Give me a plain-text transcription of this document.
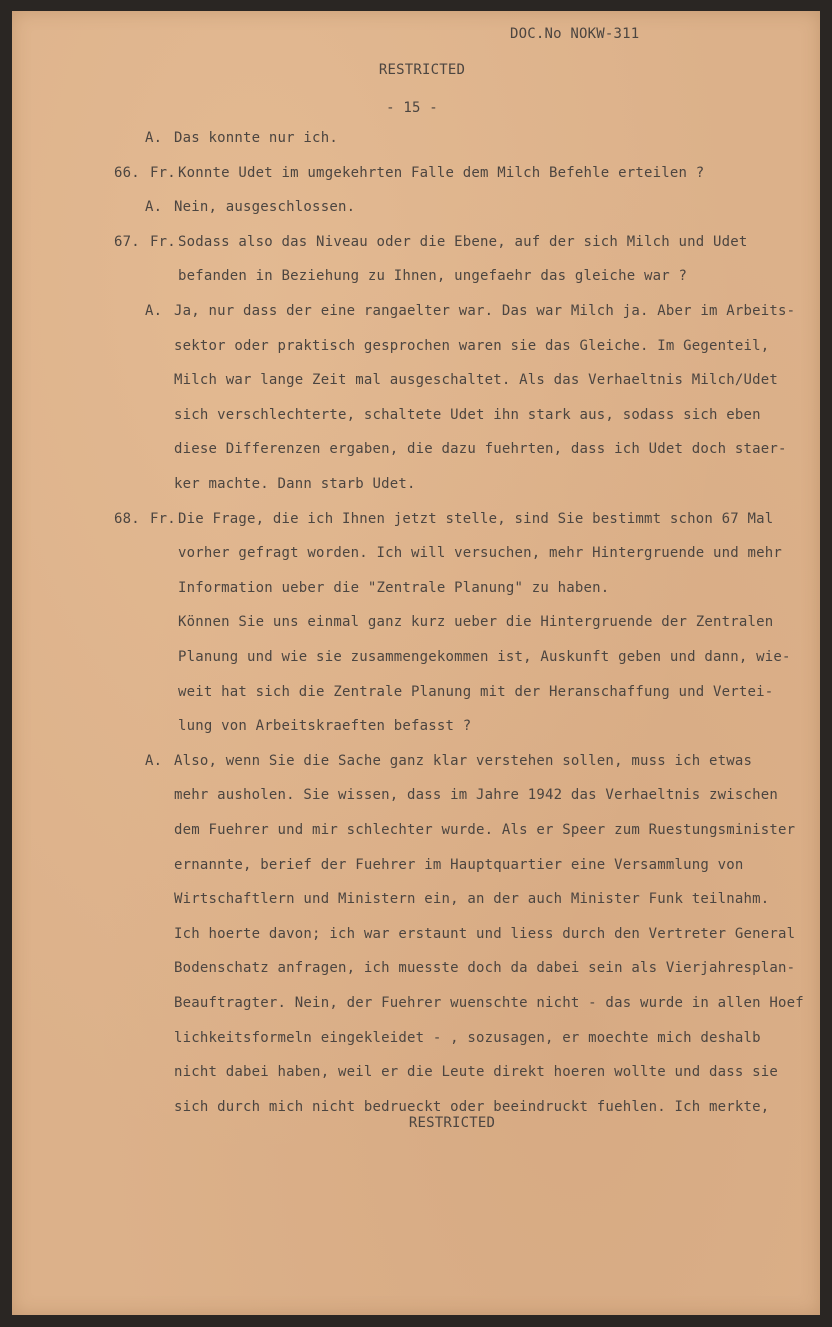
DOC.No NOKW-311
RESTRICTED
- 15 -
A. Das konnte nur ich.
66. Fr. Konnte Udet im umgekehrten Falle dem Milch Befehle erteilen ?
A. Nein, ausgeschlossen.
67. Fr. Sodass also das Niveau oder die Ebene, auf der sich Milch und Udet
befanden in Beziehung zu Ihnen, ungefaehr das gleiche war ?
A. Ja, nur dass der eine rangaelter war. Das war Milch ja. Aber im Arbeits-
sektor oder praktisch gesprochen waren sie das Gleiche. Im Gegenteil,
Milch war lange Zeit mal ausgeschaltet. Als das Verhaeltnis Milch/Udet
sich verschlechterte, schaltete Udet ihn stark aus, sodass sich eben
diese Differenzen ergaben, die dazu fuehrten, dass ich Udet doch staer-
ker machte. Dann starb Udet.
68. Fr. Die Frage, die ich Ihnen jetzt stelle, sind Sie bestimmt schon 67 Mal
vorher gefragt worden. Ich will versuchen, mehr Hintergruende und mehr
Information ueber die "Zentrale Planung" zu haben.
Können Sie uns einmal ganz kurz ueber die Hintergruende der Zentralen
Planung und wie sie zusammengekommen ist, Auskunft geben und dann, wie-
weit hat sich die Zentrale Planung mit der Heranschaffung und Vertei-
lung von Arbeitskraeften befasst ?
A. Also, wenn Sie die Sache ganz klar verstehen sollen, muss ich etwas
mehr ausholen. Sie wissen, dass im Jahre 1942 das Verhaeltnis zwischen
dem Fuehrer und mir schlechter wurde. Als er Speer zum Ruestungsminister
ernannte, berief der Fuehrer im Hauptquartier eine Versammlung von
Wirtschaftlern und Ministern ein, an der auch Minister Funk teilnahm.
Ich hoerte davon; ich war erstaunt und liess durch den Vertreter General
Bodenschatz anfragen, ich muesste doch da dabei sein als Vierjahresplan-
Beauftragter. Nein, der Fuehrer wuenschte nicht - das wurde in allen Hoef
lichkeitsformeln eingekleidet - , sozusagen, er moechte mich deshalb
nicht dabei haben, weil er die Leute direkt hoeren wollte und dass sie
sich durch mich nicht bedrueckt oder beeindruckt fuehlen. Ich merkte,
RESTRICTED
